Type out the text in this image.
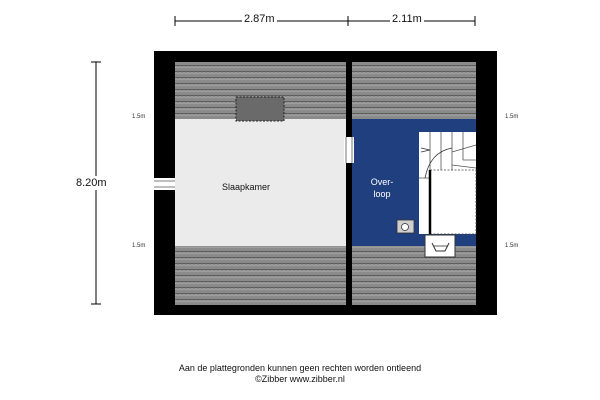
2.87m	2.11m
8.20m
1.5m
1.5m
1.5m
1.5m
Slaapkamer	Over-
loop
Aan de plattegronden kunnen geen rechten worden ontleend
©Zibber www.zibber.nl
